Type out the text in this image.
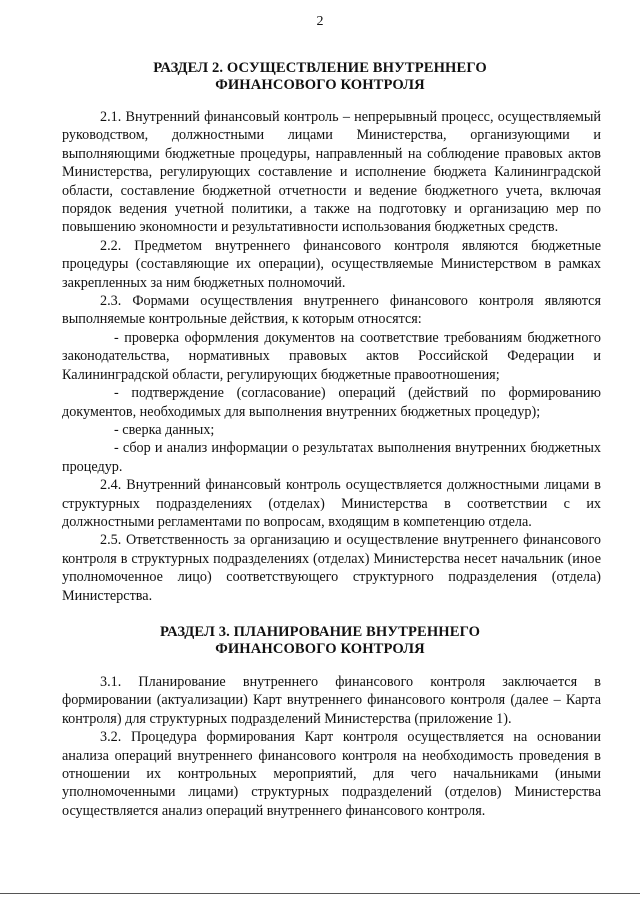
2
РАЗДЕЛ 2. ОСУЩЕСТВЛЕНИЕ ВНУТРЕННЕГО
ФИНАНСОВОГО КОНТРОЛЯ

2.1. Внутренний финансовый контроль – непрерывный процесс, осуществляемый руководством, должностными лицами Министерства, организующими и выполняющими бюджетные процедуры, направленный на соблюдение правовых актов Министерства, регулирующих составление и исполнение бюджета Калининградской области, составление бюджетной отчетности и ведение бюджетного учета, включая порядок ведения учетной политики, а также на подготовку и организацию мер по повышению экономности и результативности использования бюджетных средств.

2.2. Предметом внутреннего финансового контроля являются бюджетные процедуры (составляющие их операции), осуществляемые Министерством в рамках закрепленных за ним бюджетных полномочий.

2.3. Формами осуществления внутреннего финансового контроля являются выполняемые контрольные действия, к которым относятся:

- проверка оформления документов на соответствие требованиям бюджетного законодательства, нормативных правовых актов Российской Федерации и Калининградской области, регулирующих бюджетные правоотношения;

- подтверждение (согласование) операций (действий по формированию документов, необходимых для выполнения внутренних бюджетных процедур);

- сверка данных;

- сбор и анализ информации о результатах выполнения внутренних бюджетных процедур.

2.4. Внутренний финансовый контроль осуществляется должностными лицами в структурных подразделениях (отделах) Министерства в соответствии с их должностными регламентами по вопросам, входящим в компетенцию отдела.

2.5. Ответственность за организацию и осуществление внутреннего финансового контроля в структурных подразделениях (отделах) Министерства несет начальник (иное уполномоченное лицо) соответствующего структурного подразделения (отдела) Министерства.

РАЗДЕЛ 3. ПЛАНИРОВАНИЕ ВНУТРЕННЕГО
ФИНАНСОВОГО КОНТРОЛЯ

3.1. Планирование внутреннего финансового контроля заключается в формировании (актуализации) Карт внутреннего финансового контроля (далее – Карта контроля) для структурных подразделений Министерства (приложение 1).

3.2. Процедура формирования Карт контроля осуществляется на основании анализа операций внутреннего финансового контроля на необходимость проведения в отношении их контрольных мероприятий, для чего начальниками (иными уполномоченными лицами) структурных подразделений (отделов) Министерства осуществляется анализ операций внутреннего финансового контроля.
